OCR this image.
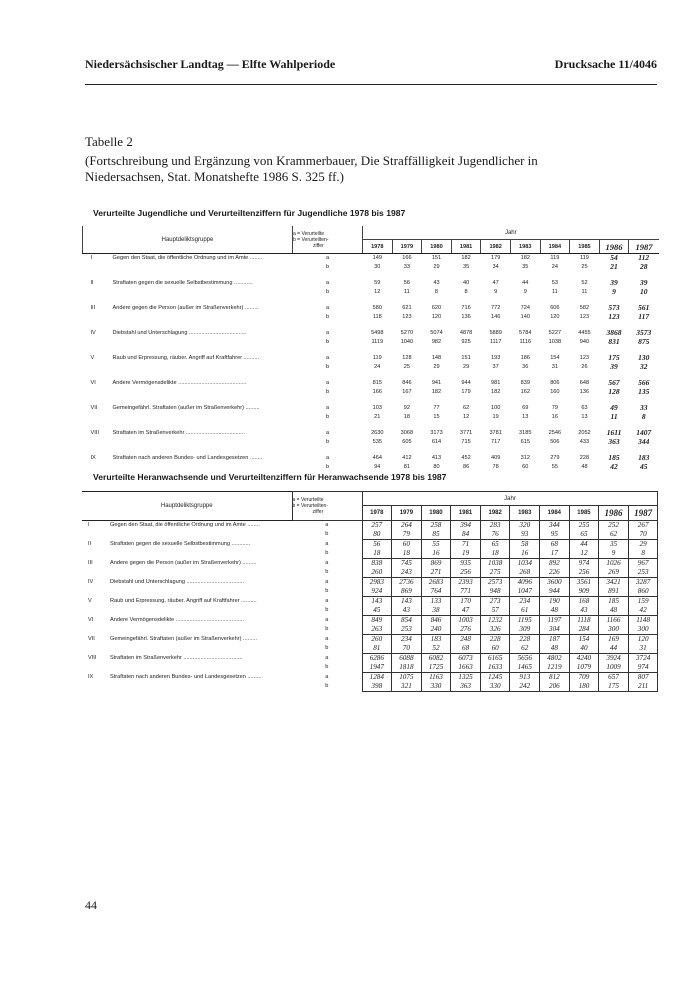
Niedersächsischer Landtag — Elfte Wahlperiode	Drucksache 11/4046
Tabelle 2
(Fortschreibung und Ergänzung von Krammerbauer, Die Straffälligkeit Jugendlicher in Niedersachsen, Stat. Monatshefte 1986 S. 325 ff.)
Verurteilte Jugendliche und Verurteiltenziffern für Jugendliche 1978 bis 1987
Hauptdeliktsgruppe	a = Verurteilte
b = Verurteilten-
ziffer	Jahr									
		1978	1979	1980	1981	1982	1983	1984	1985	1986	1987
I Gegen den Staat, die öffentliche Ordnung und im Amte ........	a	149	166	151	182	179	182	119	119	54	112
	b	30	33	29	35	34	35	24	25	21	28
II Straftaten gegen die sexuelle Selbstbestimmung ............	a	59	56	43	40	47	44	53	52	39	39
	b	12	11	8	8	9	9	11	11	9	10
III Andere gegen die Person (außer im Straßenverkehr) .........	a	580	621	620	716	772	724	606	582	573	561
	b	118	123	120	136	146	140	120	123	123	117
IV Diebstahl und Unterschlagung .....................................	a	5498	5270	5074	4878	5889	5784	5227	4455	3868	3573
	b	1119	1040	982	925	1117	1116	1038	940	831	875
V Raub und Erpressung, räuber. Angriff auf Kraftfahrer ..........	a	119	128	148	151	193	186	154	123	175	130
	b	24	25	29	29	37	36	31	26	39	32
VI Andere Vermögensdelikte ............................................	a	815	846	941	944	981	839	806	648	567	566
	b	166	167	182	179	182	162	160	136	128	135
VII Gemeingefährl. Straftaten (außer im Straßenverkehr) .........	a	103	92	77	62	100	69	79	63	49	33
	b	21	18	15	12	19	13	16	13	11	8
VIII Straftaten im Straßenverkehr ......................................	a	2630	3068	3173	3771	3781	3185	2546	2052	1611	1407
	b	535	605	614	715	717	615	506	433	363	344
IX Straftaten nach anderen Bundes- und Landesgesetzen ........	a	464	412	413	452	409	312	279	228	185	183
	b	94	81	80	86	78	60	55	48	42	45
Verurteilte Heranwachsende und Verurteiltenziffern für Heranwachsende 1978 bis 1987
Hauptdeliktsgruppe	a = Verurteilte
b = Verurteilten-
ziffer	Jahr									
		1978	1979	1980	1981	1982	1983	1984	1985	1986	1987
I Gegen den Staat, die öffentliche Ordnung und im Amte ........	a	257	264	258	394	283	320	344	255	252	267
	b	80	79	85	84	76	93	95	65	62	70
II Straftaten gegen die sexuelle Selbstbestimmung ............	a	56	60	55	71	65	58	68	44	35	29
	b	18	18	16	19	18	16	17	12	9	8
III Andere gegen die Person (außer im Straßenverkehr) .........	a	838	745	869	935	1038	1034	892	974	1026	967
	b	260	243	271	256	275	268	226	256	269	253
IV Diebstahl und Unterschlagung .....................................	a	2983	2736	2683	2393	2573	4096	3600	3561	3421	3287
	b	924	869	764	771	948	1047	944	909	891	860
V Raub und Erpressung, räuber. Angriff auf Kraftfahrer ..........	a	143	143	133	170	273	234	190	168	185	159
	b	45	43	38	47	57	61	48	43	48	42
VI Andere Vermögensdelikte ............................................	a	849	854	846	1003	1232	1195	1197	1118	1166	1148
	b	263	253	240	276	326	309	304	284	300	300
VII Gemeingefährl. Straftaten (außer im Straßenverkehr) .........	a	260	234	183	248	228	228	187	154	169	120
	b	81	70	52	68	60	62	48	40	44	31
VIII Straftaten im Straßenverkehr ......................................	a	6286	6088	6082	6073	6165	5656	4802	4240	3924	3724
	b	1947	1818	1725	1663	1633	1465	1219	1079	1009	974
IX Straftaten nach anderen Bundes- und Landesgesetzen .........	a	1284	1075	1163	1325	1245	913	812	709	657	807
	b	398	321	330	363	330	242	206	180	175	211
44
